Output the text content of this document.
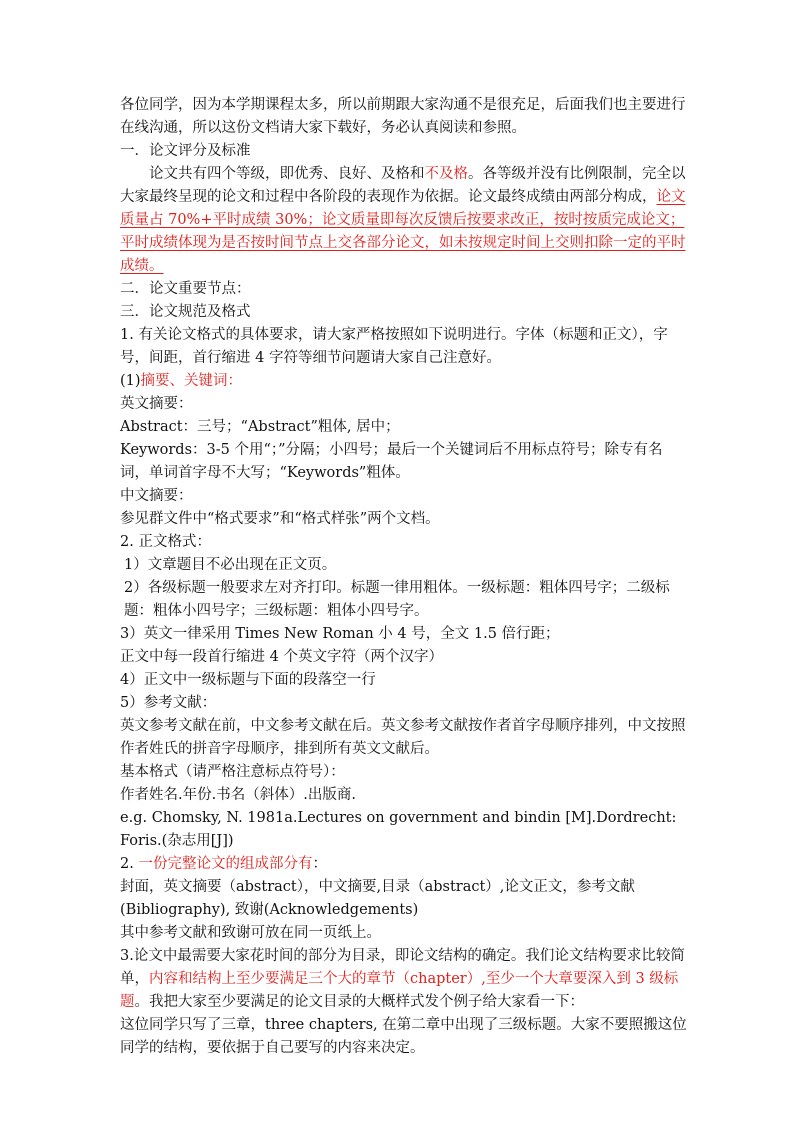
各位同学，因为本学期课程太多，所以前期跟大家沟通不是很充足，后面我们也主要进行在线沟通，所以这份文档请大家下载好，务必认真阅读和参照。

一．论文评分及标准

论文共有四个等级，即优秀、良好、及格和不及格。各等级并没有比例限制，完全以大家最终呈现的论文和过程中各阶段的表现作为依据。论文最终成绩由两部分构成，论文质量占 70%+平时成绩 30%；论文质量即每次反馈后按要求改正，按时按质完成论文；平时成绩体现为是否按时间节点上交各部分论文，如未按规定时间上交则扣除一定的平时成绩。

二．论文重要节点：

三．论文规范及格式

1. 有关论文格式的具体要求，请大家严格按照如下说明进行。字体（标题和正文），字号，间距，首行缩进 4 字符等细节问题请大家自己注意好。

(1)摘要、关键词：

英文摘要：

Abstract：三号；“Abstract”粗体, 居中；

Keywords：3-5 个用“；”分隔；小四号；最后一个关键词后不用标点符号；除专有名词，单词首字母不大写；“Keywords”粗体。

中文摘要：

参见群文件中“格式要求”和“格式样张”两个文档。

2. 正文格式：

1）文章题目不必出现在正文页。

2）各级标题一般要求左对齐打印。标题一律用粗体。一级标题：粗体四号字；二级标题：粗体小四号字；三级标题：粗体小四号字。

3）英文一律采用 Times New Roman 小 4 号，全文 1.5 倍行距；

正文中每一段首行缩进 4 个英文字符（两个汉字）

4）正文中一级标题与下面的段落空一行

5）参考文献：

英文参考文献在前，中文参考文献在后。英文参考文献按作者首字母顺序排列，中文按照作者姓氏的拼音字母顺序，排到所有英文文献后。

基本格式（请严格注意标点符号）：

作者姓名.年份.书名（斜体）.出版商.

e.g. Chomsky, N. 1981a.Lectures on government and bindin [M].Dordrecht: Foris.(杂志用[J])

2. 一份完整论文的组成部分有：

封面，英文摘要（abstract），中文摘要,目录（abstract）,论文正文，参考文献(Bibliography), 致谢(Acknowledgements)

其中参考文献和致谢可放在同一页纸上。

3.论文中最需要大家花时间的部分为目录，即论文结构的确定。我们论文结构要求比较简单，内容和结构上至少要满足三个大的章节（chapter）,至少一个大章要深入到 3 级标题。我把大家至少要满足的论文目录的大概样式发个例子给大家看一下：

这位同学只写了三章，three chapters, 在第二章中出现了三级标题。大家不要照搬这位同学的结构，要依据于自己要写的内容来决定。
